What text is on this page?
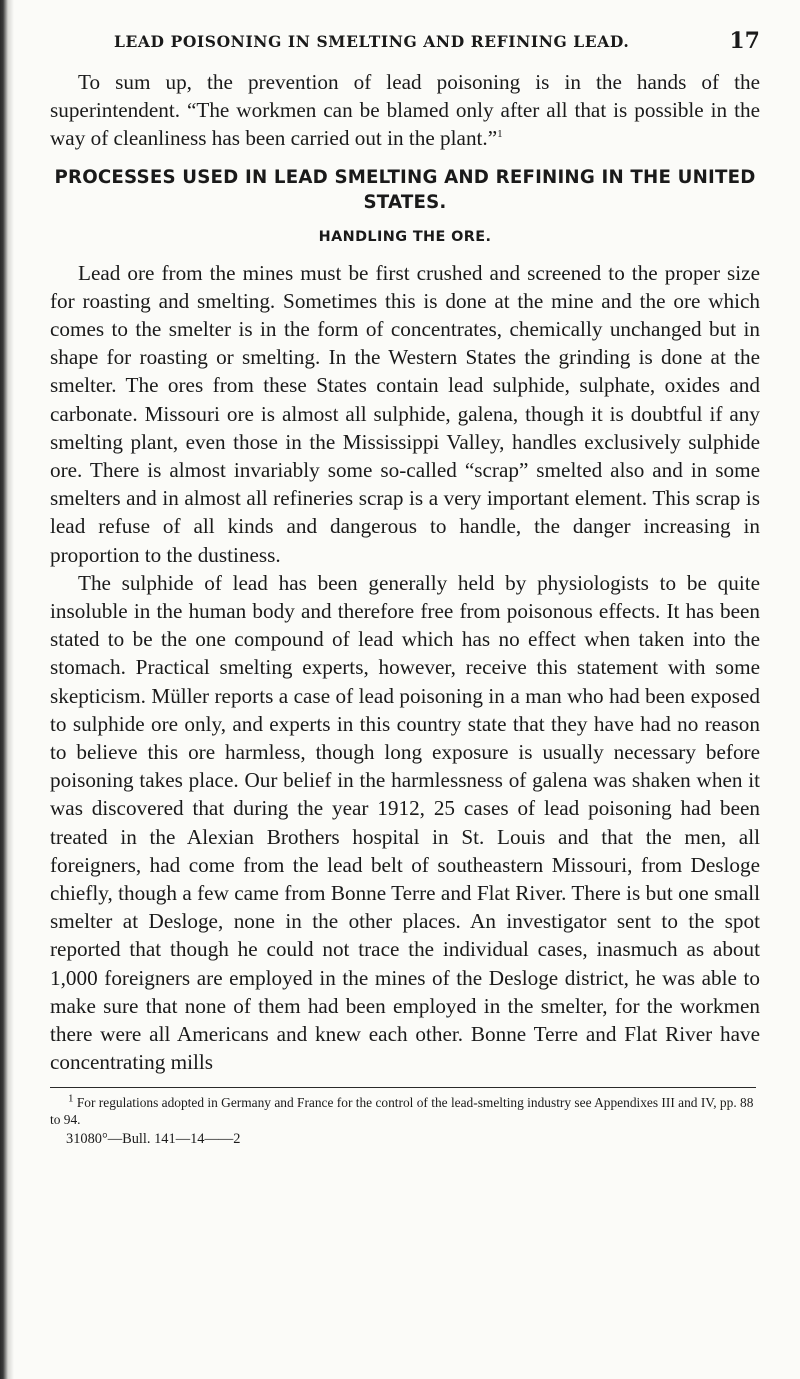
LEAD POISONING IN SMELTING AND REFINING LEAD.	17

To sum up, the prevention of lead poisoning is in the hands of the superintendent. “The workmen can be blamed only after all that is possible in the way of cleanliness has been carried out in the plant.”$^1$

PROCESSES USED IN LEAD SMELTING AND REFINING IN THE UNITED STATES.
HANDLING THE ORE.

Lead ore from the mines must be first crushed and screened to the proper size for roasting and smelting. Sometimes this is done at the mine and the ore which comes to the smelter is in the form of concentrates, chemically unchanged but in shape for roasting or smelting. In the Western States the grinding is done at the smelter. The ores from these States contain lead sulphide, sulphate, oxides and carbonate. Missouri ore is almost all sulphide, galena, though it is doubtful if any smelting plant, even those in the Mississippi Valley, handles exclusively sulphide ore. There is almost invariably some so-called “scrap” smelted also and in some smelters and in almost all refineries scrap is a very important element. This scrap is lead refuse of all kinds and dangerous to handle, the danger increasing in proportion to the dustiness.

The sulphide of lead has been generally held by physiologists to be quite insoluble in the human body and therefore free from poisonous effects. It has been stated to be the one compound of lead which has no effect when taken into the stomach. Practical smelting experts, however, receive this statement with some skepticism. Müller reports a case of lead poisoning in a man who had been exposed to sulphide ore only, and experts in this country state that they have had no reason to believe this ore harmless, though long exposure is usually necessary before poisoning takes place. Our belief in the harmlessness of galena was shaken when it was discovered that during the year 1912, 25 cases of lead poisoning had been treated in the Alexian Brothers hospital in St. Louis and that the men, all foreigners, had come from the lead belt of southeastern Missouri, from Desloge chiefly, though a few came from Bonne Terre and Flat River. There is but one small smelter at Desloge, none in the other places. An investigator sent to the spot reported that though he could not trace the individual cases, inasmuch as about 1,000 foreigners are employed in the mines of the Desloge district, he was able to make sure that none of them had been employed in the smelter, for the workmen there were all Americans and knew each other. Bonne Terre and Flat River have concentrating mills

$^1$ For regulations adopted in Germany and France for the control of the lead-smelting industry see Appendixes III and IV, pp. 88 to 94.

31080°—Bull. 141—14——2
